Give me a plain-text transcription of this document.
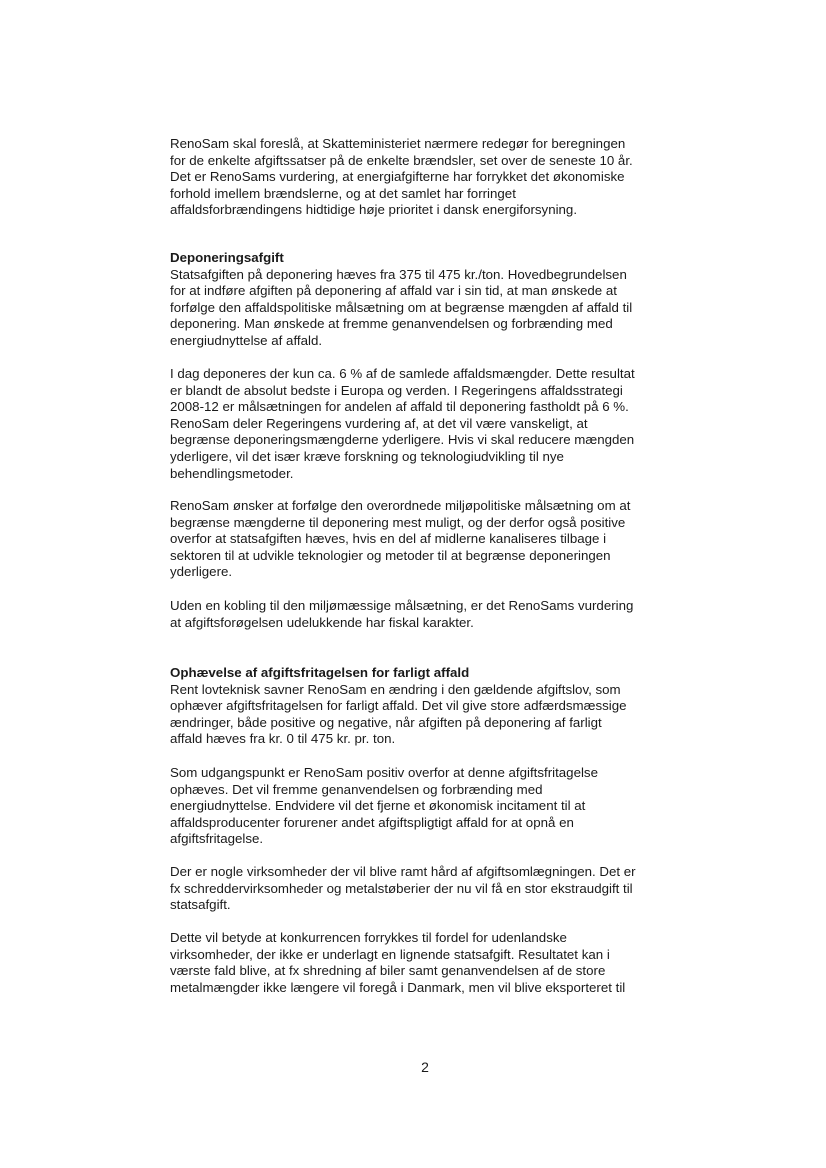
RenoSam skal foreslå, at Skatteministeriet nærmere redegør for beregningen
for de enkelte afgiftssatser på de enkelte brændsler, set over de seneste 10 år.
Det er RenoSams vurdering, at energiafgifterne har forrykket det økonomiske
forhold imellem brændslerne, og at det samlet har forringet
affaldsforbrændingens hidtidige høje prioritet i dansk energiforsyning.
Deponeringsafgift
Statsafgiften på deponering hæves fra 375 til 475 kr./ton. Hovedbegrundelsen
for at indføre afgiften på deponering af affald var i sin tid, at man ønskede at
forfølge den affaldspolitiske målsætning om at begrænse mængden af affald til
deponering. Man ønskede at fremme genanvendelsen og forbrænding med
energiudnyttelse af affald.
I dag deponeres der kun ca. 6 % af de samlede affaldsmængder. Dette resultat
er blandt de absolut bedste i Europa og verden. I Regeringens affaldsstrategi
2008-12 er målsætningen for andelen af affald til deponering fastholdt på 6 %.
RenoSam deler Regeringens vurdering af, at det vil være vanskeligt, at
begrænse deponeringsmængderne yderligere. Hvis vi skal reducere mængden
yderligere, vil det især kræve forskning og teknologiudvikling til nye
behendlingsmetoder.
RenoSam ønsker at forfølge den overordnede miljøpolitiske målsætning om at
begrænse mængderne til deponering mest muligt, og der derfor også positive
overfor at statsafgiften hæves, hvis en del af midlerne kanaliseres tilbage i
sektoren til at udvikle teknologier og metoder til at begrænse deponeringen
yderligere.
Uden en kobling til den miljømæssige målsætning, er det RenoSams vurdering
at afgiftsforøgelsen udelukkende har fiskal karakter.
Ophævelse af afgiftsfritagelsen for farligt affald
Rent lovteknisk savner RenoSam en ændring i den gældende afgiftslov, som
ophæver afgiftsfritagelsen for farligt affald. Det vil give store adfærdsmæssige
ændringer, både positive og negative, når afgiften på deponering af farligt
affald hæves fra kr. 0 til 475 kr. pr. ton.
Som udgangspunkt er RenoSam positiv overfor at denne afgiftsfritagelse
ophæves. Det vil fremme genanvendelsen og forbrænding med
energiudnyttelse. Endvidere vil det fjerne et økonomisk incitament til at
affaldsproducenter forurener andet afgiftspligtigt affald for at opnå en
afgiftsfritagelse.
Der er nogle virksomheder der vil blive ramt hård af afgiftsomlægningen. Det er
fx schreddervirksomheder og metalstøberier der nu vil få en stor ekstraudgift til
statsafgift.
Dette vil betyde at konkurrencen forrykkes til fordel for udenlandske
virksomheder, der ikke er underlagt en lignende statsafgift. Resultatet kan i
værste fald blive, at fx shredning af biler samt genanvendelsen af de store
metalmængder ikke længere vil foregå i Danmark, men vil blive eksporteret til
2
